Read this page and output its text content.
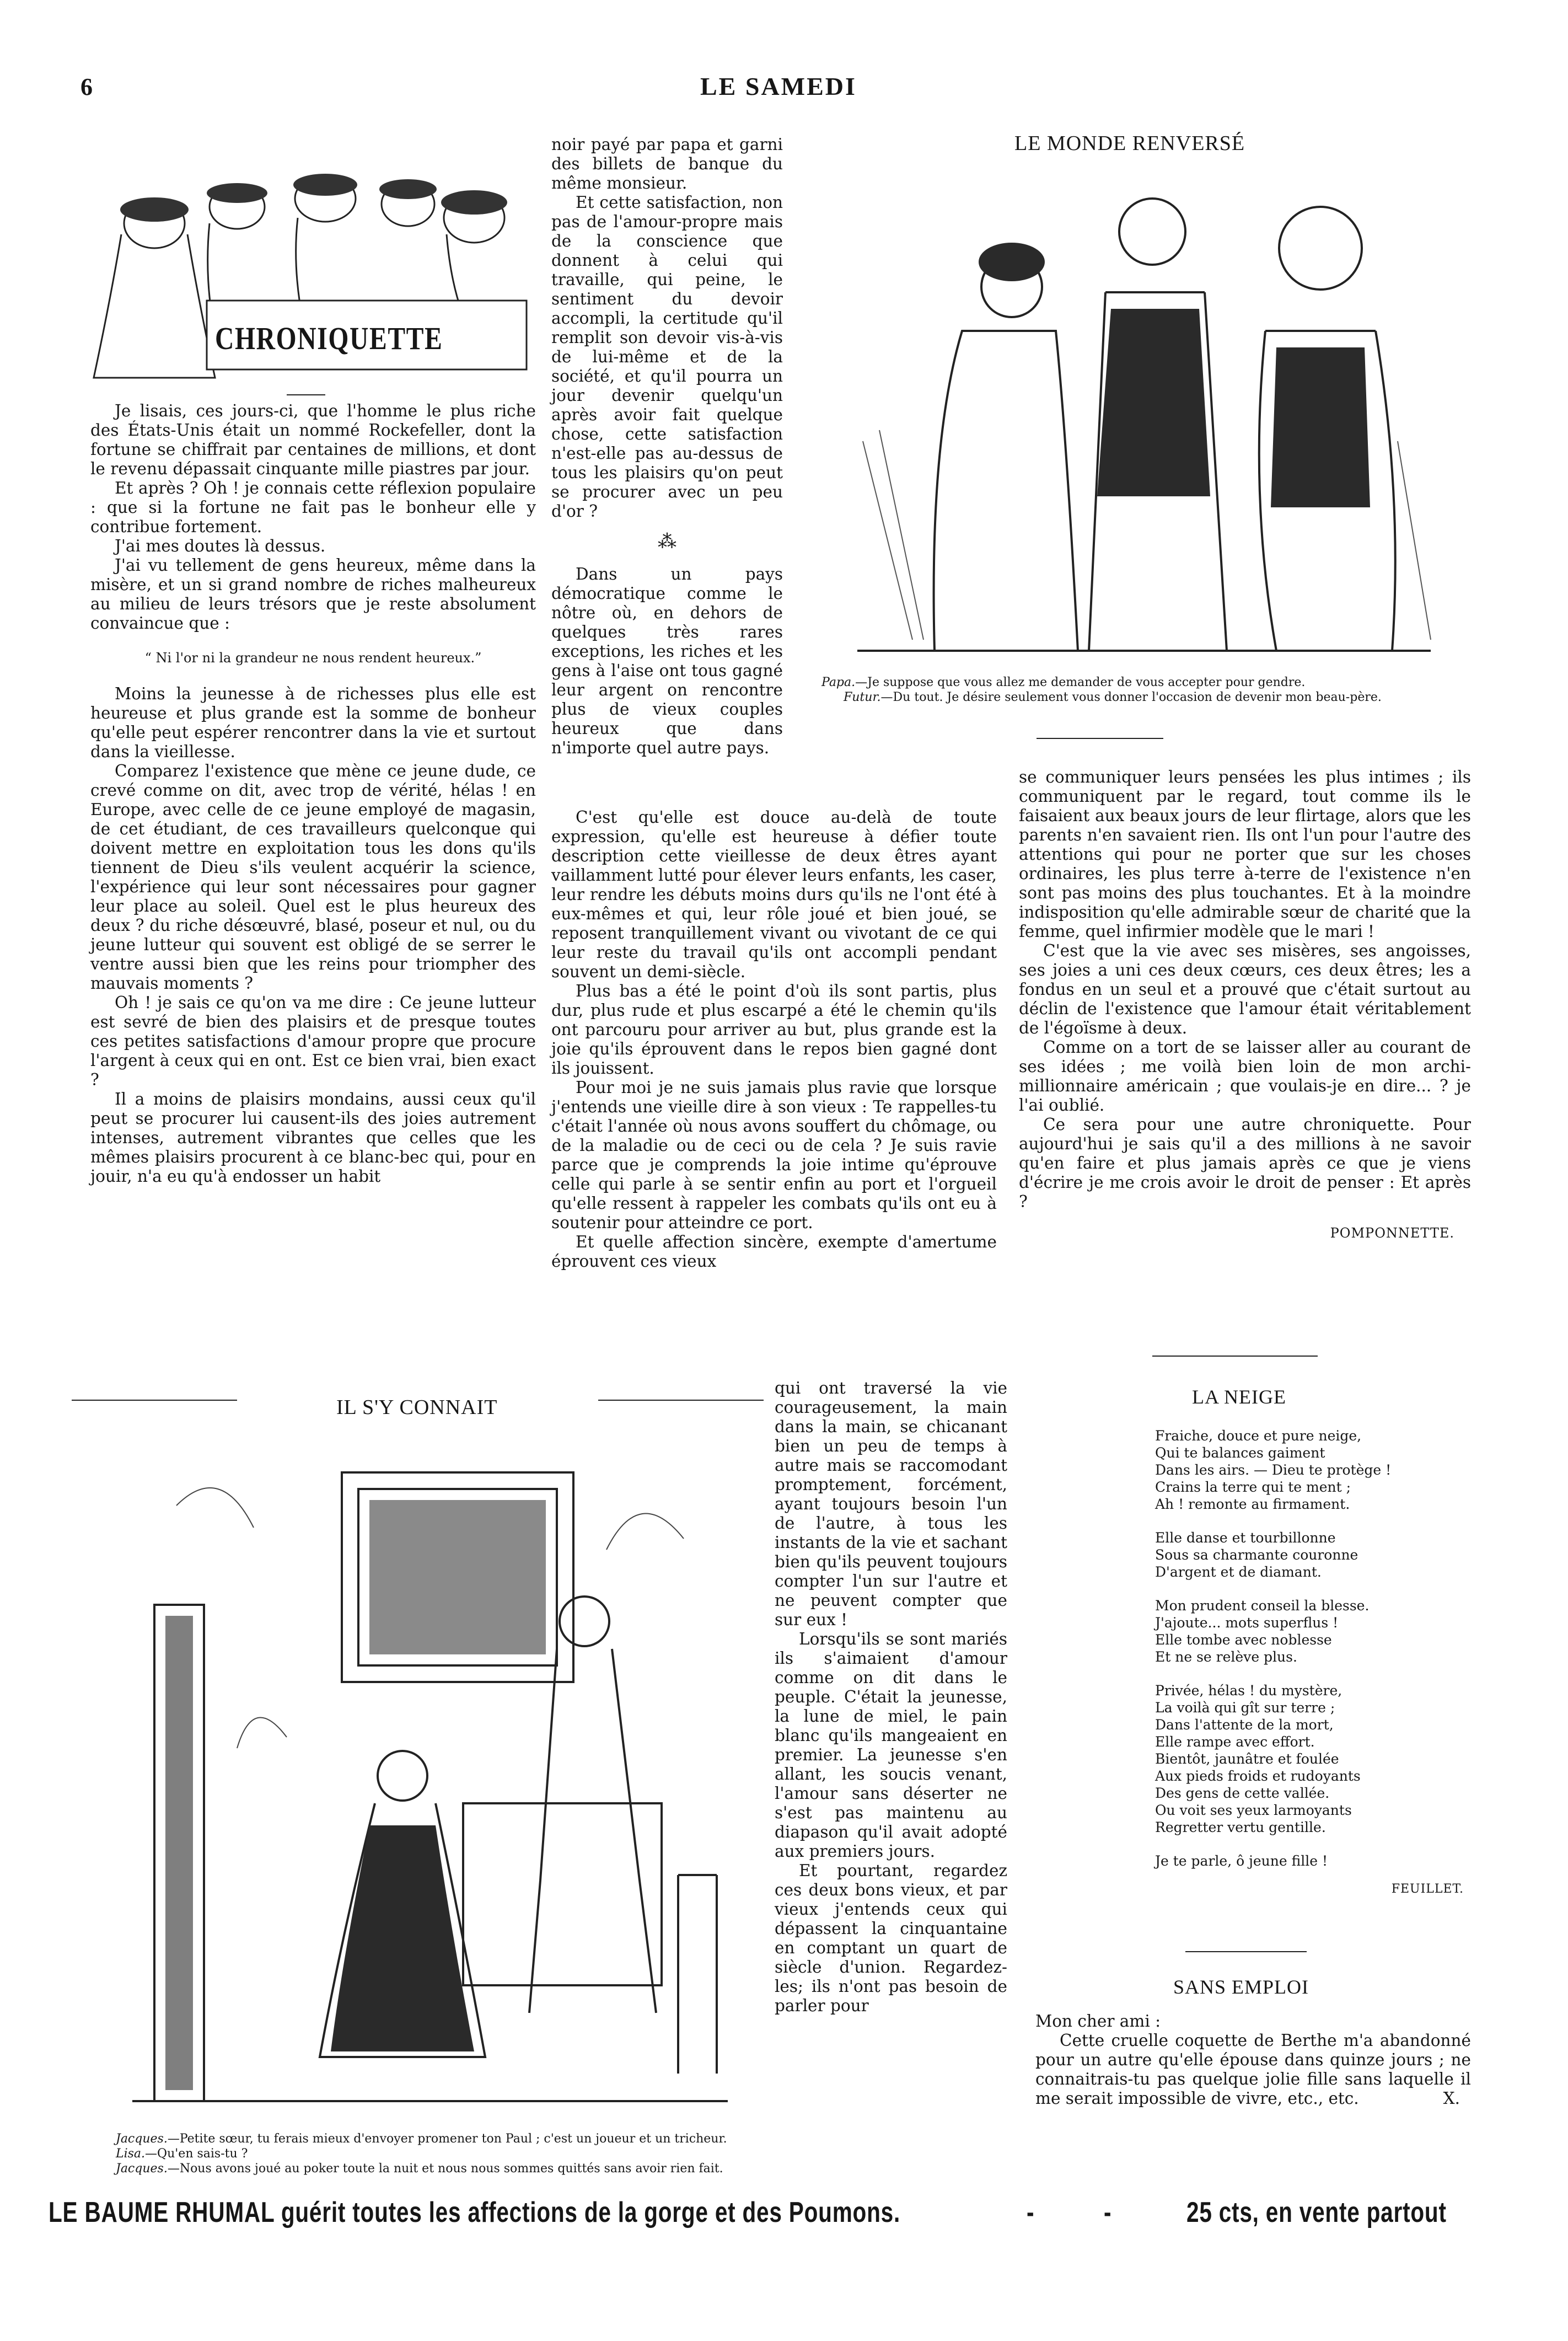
6	LE SAMEDI
CHRONIQUETTE

Je lisais, ces jours-ci, que l'homme le plus riche des États-Unis était un nommé Rockefeller, dont la fortune se chiffrait par centaines de millions, et dont le revenu dépassait cinquante mille piastres par jour.

Et après ? Oh ! je connais cette réflexion populaire : que si la fortune ne fait pas le bonheur elle y contribue fortement.

J'ai mes doutes là dessus.

J'ai vu tellement de gens heureux, même dans la misère, et un si grand nombre de riches malheureux au milieu de leurs trésors que je reste absolument convaincue que :

“ Ni l'or ni la grandeur ne nous rendent heureux.”

Moins la jeunesse à de richesses plus elle est heureuse et plus grande est la somme de bonheur qu'elle peut espérer rencontrer dans la vie et surtout dans la vieillesse.

Comparez l'existence que mène ce jeune dude, ce crevé comme on dit, avec trop de vérité, hélas ! en Europe, avec celle de ce jeune employé de magasin, de cet étudiant, de ces travailleurs quelconque qui doivent mettre en exploitation tous les dons qu'ils tiennent de Dieu s'ils veulent acquérir la science, l'expérience qui leur sont nécessaires pour gagner leur place au soleil. Quel est le plus heureux des deux ? du riche désœuvré, blasé, poseur et nul, ou du jeune lutteur qui souvent est obligé de se serrer le ventre aussi bien que les reins pour triompher des mauvais moments ?

Oh ! je sais ce qu'on va me dire : Ce jeune lutteur est sevré de bien des plaisirs et de presque toutes ces petites satisfactions d'amour propre que procure l'argent à ceux qui en ont. Est ce bien vrai, bien exact ?

Il a moins de plaisirs mondains, aussi ceux qu'il peut se procurer lui causent-ils des joies autrement intenses, autrement vibrantes que celles que les mêmes plaisirs procurent à ce blanc-bec qui, pour en jouir, n'a eu qu'à endosser un habit

noir payé par papa et garni des billets de banque du même monsieur.

Et cette satisfaction, non pas de l'amour-propre mais de la conscience que donnent à celui qui travaille, qui peine, le sentiment du devoir accompli, la certitude qu'il remplit son devoir vis-à-vis de lui-même et de la société, et qu'il pourra un jour devenir quelqu'un après avoir fait quelque chose, cette satisfaction n'est-elle pas au-dessus de tous les plaisirs qu'on peut se procurer avec un peu d'or ?

⁂

Dans un pays démocratique comme le nôtre où, en dehors de quelques très rares exceptions, les riches et les gens à l'aise ont tous gagné leur argent on rencontre plus de vieux couples heureux que dans n'importe quel autre pays.

C'est qu'elle est douce au-delà de toute expression, qu'elle est heureuse à défier toute description cette vieillesse de deux êtres ayant vaillamment lutté pour élever leurs enfants, les caser, leur rendre les débuts moins durs qu'ils ne l'ont été à eux-mêmes et qui, leur rôle joué et bien joué, se reposent tranquillement vivant ou vivotant de ce qui leur reste du travail qu'ils ont accompli pendant souvent un demi-siècle.

Plus bas a été le point d'où ils sont partis, plus dur, plus rude et plus escarpé a été le chemin qu'ils ont parcouru pour arriver au but, plus grande est la joie qu'ils éprouvent dans le repos bien gagné dont ils jouissent.

Pour moi je ne suis jamais plus ravie que lorsque j'entends une vieille dire à son vieux : Te rappelles-tu c'était l'année où nous avons souffert du chômage, ou de la maladie ou de ceci ou de cela ? Je suis ravie parce que je comprends la joie intime qu'éprouve celle qui parle à se sentir enfin au port et l'orgueil qu'elle ressent à rappeler les combats qu'ils ont eu à soutenir pour atteindre ce port.

Et quelle affection sincère, exempte d'amertume éprouvent ces vieux

qui ont traversé la vie courageusement, la main dans la main, se chicanant bien un peu de temps à autre mais se raccomodant promptement, forcément, ayant toujours besoin l'un de l'autre, à tous les instants de la vie et sachant bien qu'ils peuvent toujours compter l'un sur l'autre et ne peuvent compter que sur eux !

Lorsqu'ils se sont mariés ils s'aimaient d'amour comme on dit dans le peuple. C'était la jeunesse, la lune de miel, le pain blanc qu'ils mangeaient en premier. La jeunesse s'en allant, les soucis venant, l'amour sans déserter ne s'est pas maintenu au diapason qu'il avait adopté aux premiers jours.

Et pourtant, regardez ces deux bons vieux, et par vieux j'entends ceux qui dépassent la cinquantaine en comptant un quart de siècle d'union. Regardez-les; ils n'ont pas besoin de parler pour

LE MONDE RENVERSÉ
Papa.—Je suppose que vous allez me demander de vous accepter pour gendre.
Futur.—Du tout. Je désire seulement vous donner l'occasion de devenir mon beau-père.

se communiquer leurs pensées les plus intimes ; ils communiquent par le regard, tout comme ils le faisaient aux beaux jours de leur flirtage, alors que les parents n'en savaient rien. Ils ont l'un pour l'autre des attentions qui pour ne porter que sur les choses ordinaires, les plus terre à-terre de l'existence n'en sont pas moins des plus touchantes. Et à la moindre indisposition qu'elle admirable sœur de charité que la femme, quel infirmier modèle que le mari !

C'est que la vie avec ses misères, ses angoisses, ses joies a uni ces deux cœurs, ces deux êtres; les a fondus en un seul et a prouvé que c'était surtout au déclin de l'existence que l'amour était véritablement de l'égoïsme à deux.

Comme on a tort de se laisser aller au courant de ses idées ; me voilà bien loin de mon archi-millionnaire américain ; que voulais-je en dire... ? je l'ai oublié.

Ce sera pour une autre chroniquette. Pour aujourd'hui je sais qu'il a des millions à ne savoir qu'en faire et plus jamais après ce que je viens d'écrire je me crois avoir le droit de penser : Et après ?

POMPONNETTE.
IL S'Y CONNAIT
Jacques.—Petite sœur, tu ferais mieux d'envoyer promener ton Paul ; c'est un joueur et un tricheur.
Lisa.—Qu'en sais-tu ?
Jacques.—Nous avons joué au poker toute la nuit et nous nous sommes quittés sans avoir rien fait.
LA NEIGE
Fraiche, douce et pure neige,
Qui te balances gaiment
Dans les airs. — Dieu te protège !
Crains la terre qui te ment ;
Ah ! remonte au firmament.
Elle danse et tourbillonne
Sous sa charmante couronne
D'argent et de diamant.
Mon prudent conseil la blesse.
J'ajoute... mots superflus !
Elle tombe avec noblesse
Et ne se relève plus.
Privée, hélas ! du mystère,
La voilà qui gît sur terre ;
Dans l'attente de la mort,
Elle rampe avec effort.
Bientôt, jaunâtre et foulée
Aux pieds froids et rudoyants
Des gens de cette vallée.
Ou voit ses yeux larmoyants
Regretter vertu gentille.
Je te parle, ô jeune fille !
FEUILLET.
SANS EMPLOI
Mon cher ami :

Cette cruelle coquette de Berthe m'a abandonné pour un autre qu'elle épouse dans quinze jours ; ne connaitrais-tu pas quelque jolie fille sans laquelle il me serait impossible de vivre, etc., etc.	X.
LE BAUME RHUMAL guérit toutes les affections de la gorge et des Poumons.	- -	25 cts, en vente partout
